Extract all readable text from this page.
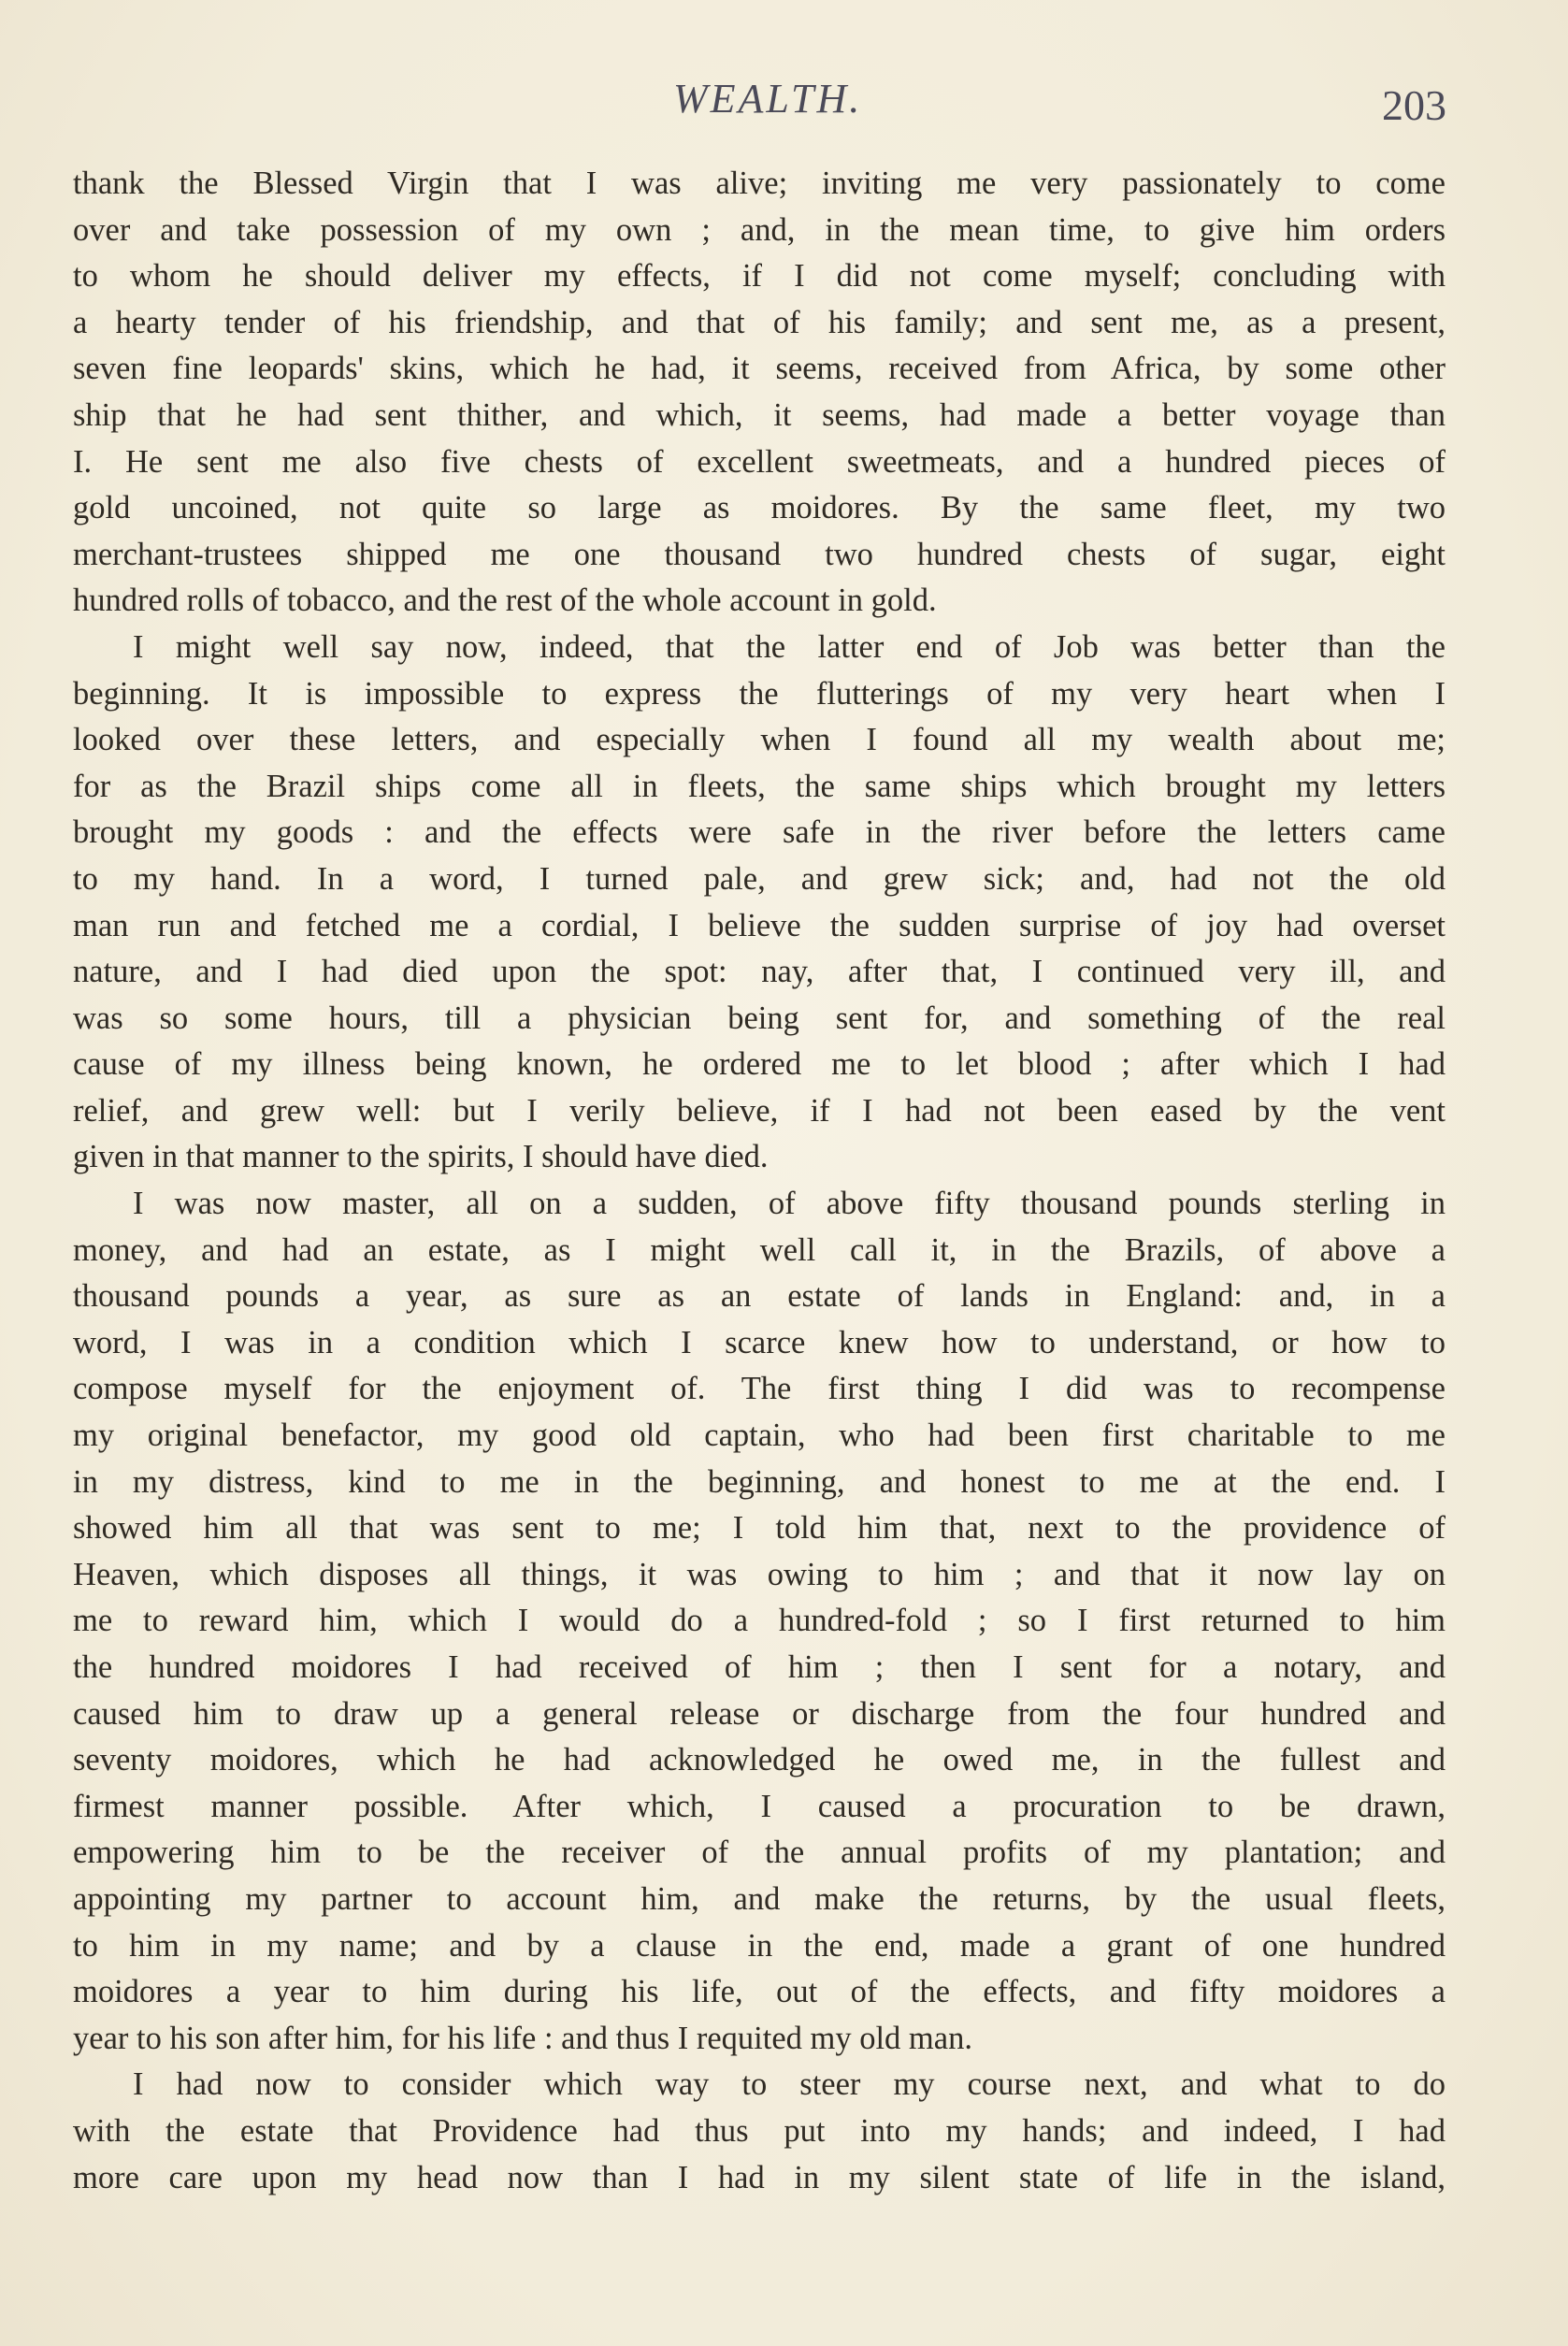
WEALTH.	203
thank the Blessed Virgin that I was alive; inviting me very passionately to come
over and take possession of my own ; and, in the mean time, to give him orders
to whom he should deliver my effects, if I did not come myself; concluding with
a hearty tender of his friendship, and that of his family; and sent me, as a present,
seven fine leopards' skins, which he had, it seems, received from Africa, by some other
ship that he had sent thither, and which, it seems, had made a better voyage than
I. He sent me also five chests of excellent sweetmeats, and a hundred pieces of
gold uncoined, not quite so large as moidores. By the same fleet, my two
merchant-trustees shipped me one thousand two hundred chests of sugar, eight
hundred rolls of tobacco, and the rest of the whole account in gold.
I might well say now, indeed, that the latter end of Job was better than the
beginning. It is impossible to express the flutterings of my very heart when I
looked over these letters, and especially when I found all my wealth about me;
for as the Brazil ships come all in fleets, the same ships which brought my letters
brought my goods : and the effects were safe in the river before the letters came
to my hand. In a word, I turned pale, and grew sick; and, had not the old
man run and fetched me a cordial, I believe the sudden surprise of joy had overset
nature, and I had died upon the spot: nay, after that, I continued very ill, and
was so some hours, till a physician being sent for, and something of the real
cause of my illness being known, he ordered me to let blood ; after which I had
relief, and grew well: but I verily believe, if I had not been eased by the vent
given in that manner to the spirits, I should have died.
I was now master, all on a sudden, of above fifty thousand pounds sterling in
money, and had an estate, as I might well call it, in the Brazils, of above a
thousand pounds a year, as sure as an estate of lands in England: and, in a
word, I was in a condition which I scarce knew how to understand, or how to
compose myself for the enjoyment of. The first thing I did was to recompense
my original benefactor, my good old captain, who had been first charitable to me
in my distress, kind to me in the beginning, and honest to me at the end. I
showed him all that was sent to me; I told him that, next to the providence of
Heaven, which disposes all things, it was owing to him ; and that it now lay on
me to reward him, which I would do a hundred-fold ; so I first returned to him
the hundred moidores I had received of him ; then I sent for a notary, and
caused him to draw up a general release or discharge from the four hundred and
seventy moidores, which he had acknowledged he owed me, in the fullest and
firmest manner possible. After which, I caused a procuration to be drawn,
empowering him to be the receiver of the annual profits of my plantation; and
appointing my partner to account him, and make the returns, by the usual fleets,
to him in my name; and by a clause in the end, made a grant of one hundred
moidores a year to him during his life, out of the effects, and fifty moidores a
year to his son after him, for his life : and thus I requited my old man.
I had now to consider which way to steer my course next, and what to do
with the estate that Providence had thus put into my hands; and indeed, I had
more care upon my head now than I had in my silent state of life in the island,
